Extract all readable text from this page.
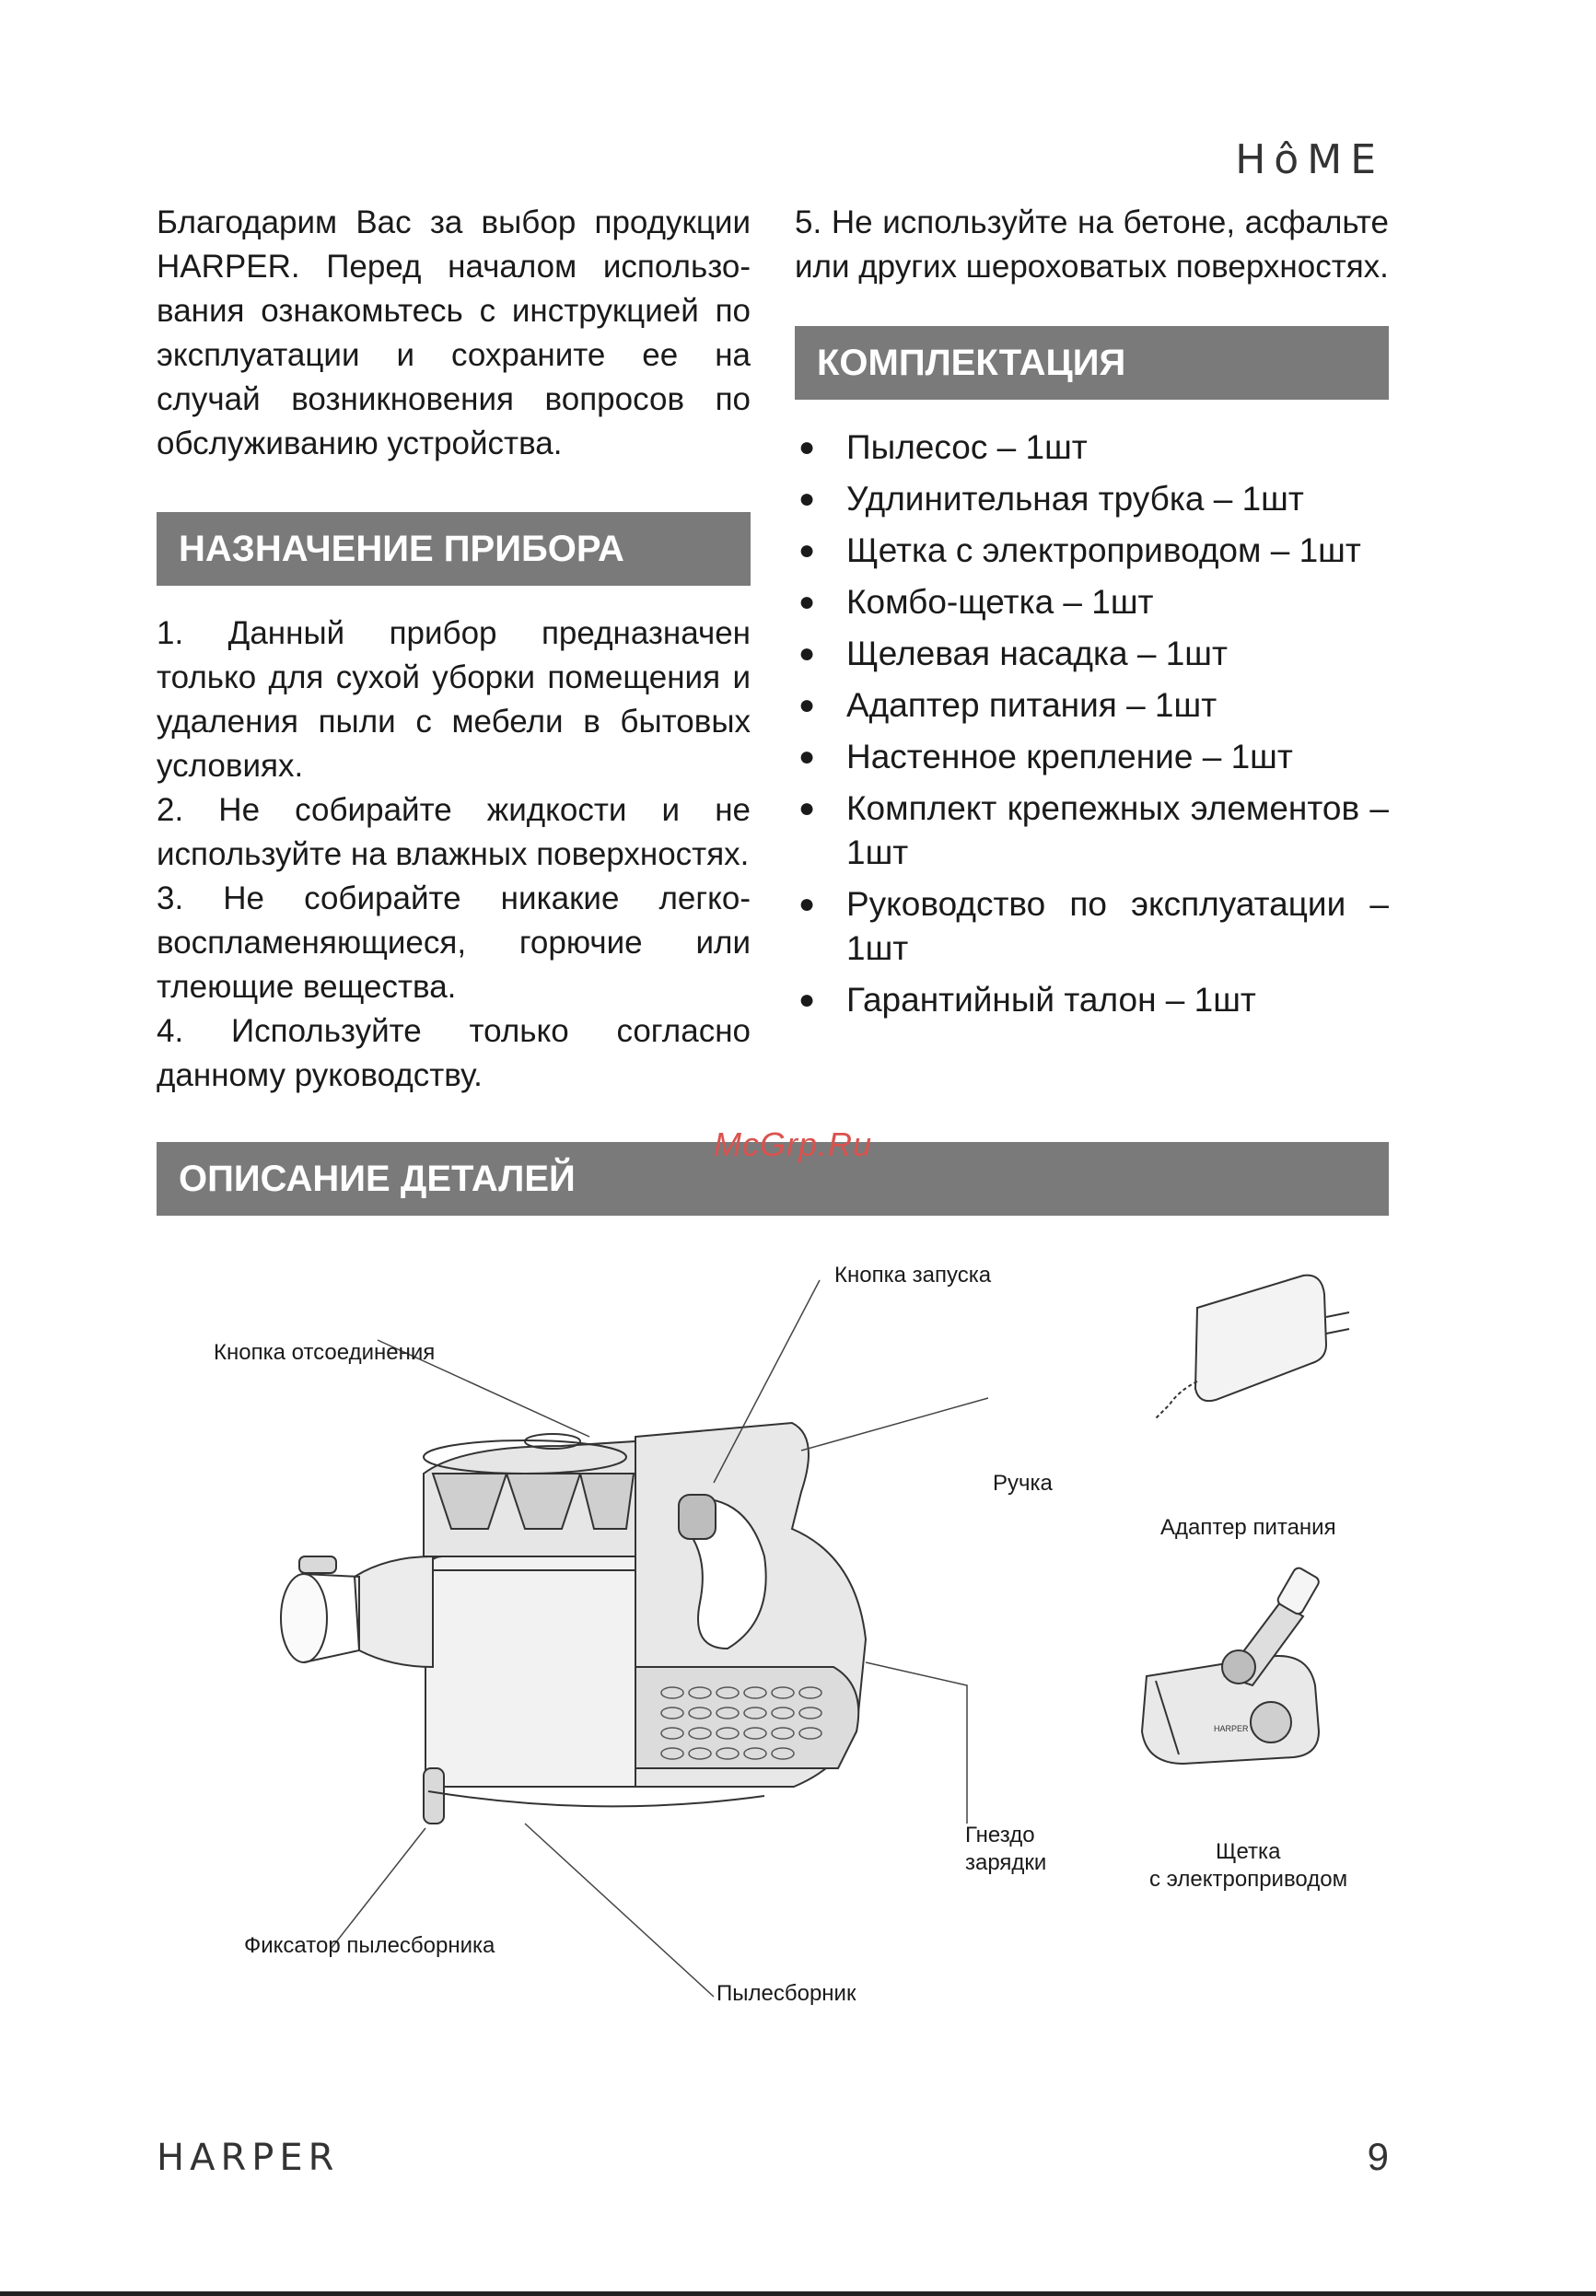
HôME

Благодарим Вас за выбор продукции HARPER. Перед началом использования ознакомьтесь с инструкцией по эксплуатации и сохраните ее на случай возникновения вопросов по обслуживанию устройства.

НАЗНАЧЕНИЕ ПРИБОРА

1. Данный прибор предназначен только для сухой уборки помещения и удаления пыли с мебели в бытовых условиях.

2. Не собирайте жидкости и не используйте на влажных поверхностях.

3. Не собирайте никакие легковоспламеняющиеся, горючие или тлеющие вещества.

4. Используйте только согласно данному руководству.

5. Не используйте на бетоне, асфальте или других шероховатых поверхностях.

КОМПЛЕКТАЦИЯ
● Пылесос – 1шт
● Удлинительная трубка – 1шт
● Щетка с электроприводом – 1шт
● Комбо-щетка – 1шт
● Щелевая насадка – 1шт
● Адаптер питания – 1шт
● Настенное крепление – 1шт
● Комплект крепежных элементов – 1шт
● Руководство по эксплуатации – 1шт
● Гарантийный талон – 1шт
ОПИСАНИЕ ДЕТАЛЕЙ
McGrp.Ru
Кнопка запуска
Кнопка отсоединения
Ручка
Адаптер питания
Гнездо
зарядки	Щетка
с электроприводом
Фиксатор пылесборника
Пылесборник
HARPER
HARPER	9
